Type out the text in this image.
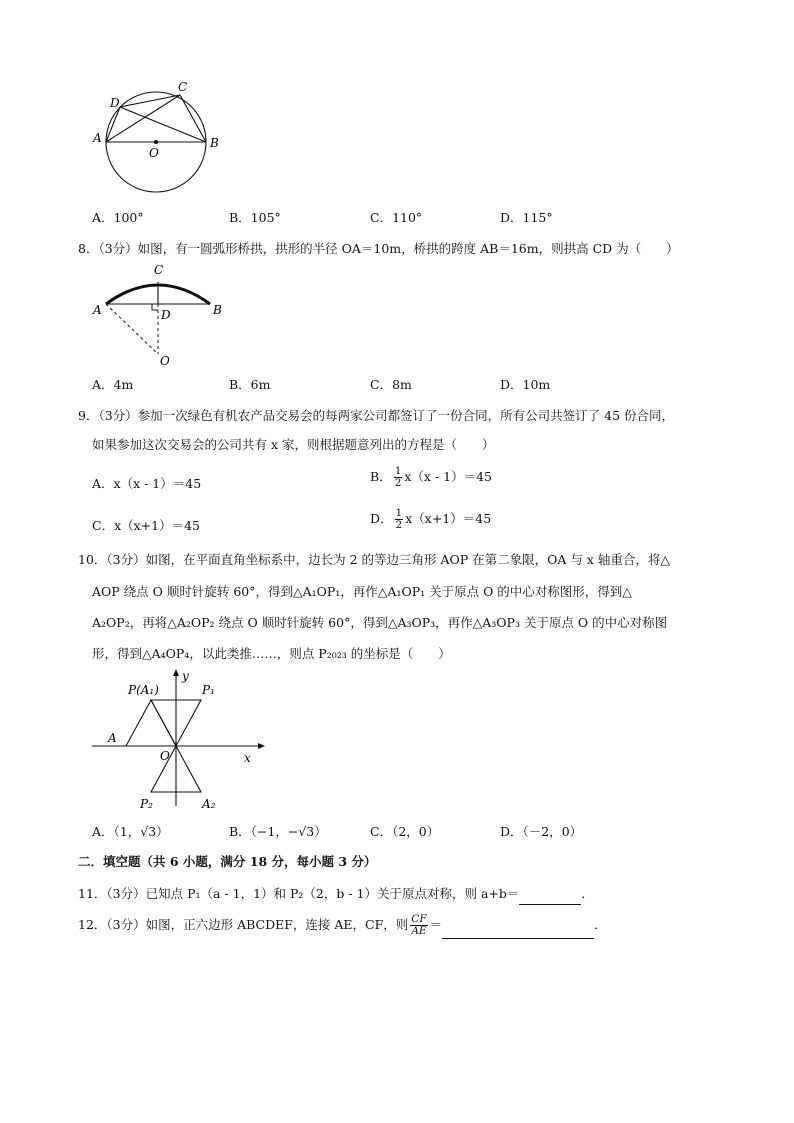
A	B
C
D
O
A．100°	B．105°	C．110°	D．115°
8．（3分）如图，有一圆弧形桥拱，拱形的半径 OA＝10m，桥拱的跨度 AB＝16m，则拱高 CD 为（　　）
A	B
C
D
O
A．4m	B．6m	C．8m	D．10m
9．（3分）参加一次绿色有机农产品交易会的每两家公司都签订了一份合同，所有公司共签订了 45 份合同，
如果参加这次交易会的公司共有 x 家，则根据题意列出的方程是（　　）
A．x（x - 1）＝45	B． $\frac{1}{2} x(x - 1)=45$
C．x（x+1）＝45	D． $\frac{1}{2} x(x+1)=45$
10．（3分）如图，在平面直角坐标系中，边长为 2 的等边三角形 AOP 在第二象限，OA 与 x 轴重合，将△
AOP 绕点 O 顺时针旋转 60°，得到△A₁OP₁，再作△A₁OP₁ 关于原点 O 的中心对称图形，得到△
A₂OP₂，再将△A₂OP₂ 绕点 O 顺时针旋转 60°，得到△A₃OP₃，再作△A₃OP₃ 关于原点 O 的中心对称图
形，得到△A₄OP₄，以此类推……，则点 P₂₀₂₃ 的坐标是（　　）
y
x
O
A
P(A₁)	P₁
P₂	A₂
A．（1，√3）	B．（−1，−√3）	C．（2，0）	D．（－2，0）
二．填空题（共 6 小题，满分 18 分，每小题 3 分）
11．（3分）已知点 P₁（a - 1，1）和 P₂（2，b - 1）关于原点对称，则 a+b＝	．
12．（3分）如图，正六边形 ABCDEF，连接 AE，CF，则 $\frac{CF}{AE}$ ＝	．
